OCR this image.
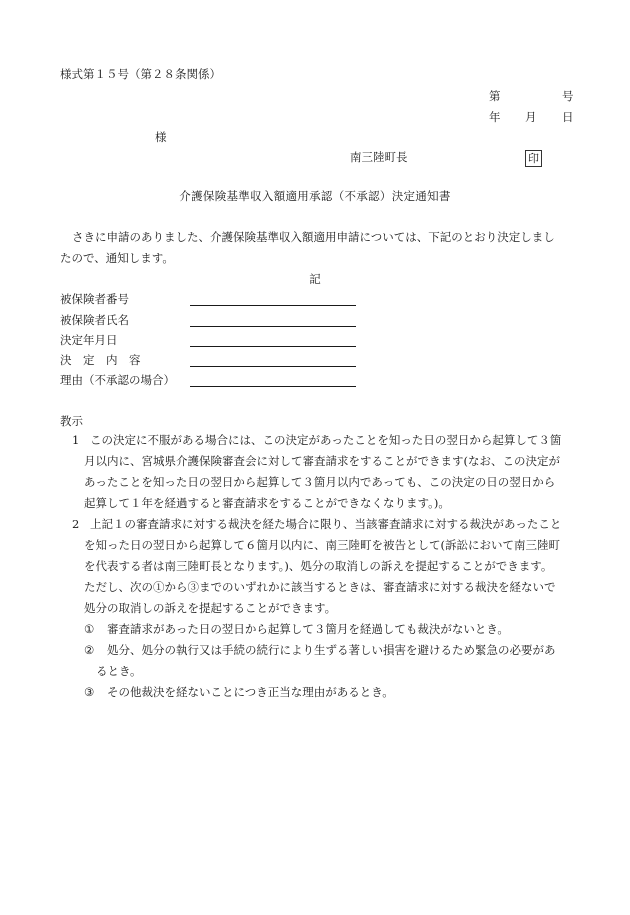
様式第１５号（第２８条関係）
第	号
年 月 日
様
南三陸町長	印
介護保険基準収入額適用承認（不承認）決定通知書
さきに申請のありました、介護保険基準収入額適用申請については、下記のとおり決定しまし
たので、通知します。
記
被保険者番号
被保険者氏名
決定年月日
決　定　内　容
理由（不承認の場合）
教示
1 この決定に不服がある場合には、この決定があったことを知った日の翌日から起算して３箇
月以内に、宮城県介護保険審査会に対して審査請求をすることができます(なお、この決定が
あったことを知った日の翌日から起算して３箇月以内であっても、この決定の日の翌日から
起算して１年を経過すると審査請求をすることができなくなります。)。
2 上記１の審査請求に対する裁決を経た場合に限り、当該審査請求に対する裁決があったこと
を知った日の翌日から起算して６箇月以内に、南三陸町を被告として(訴訟において南三陸町
を代表する者は南三陸町長となります。)、処分の取消しの訴えを提起することができます。
ただし、次の①から③までのいずれかに該当するときは、審査請求に対する裁決を経ないで
処分の取消しの訴えを提起することができます。
① 審査請求があった日の翌日から起算して３箇月を経過しても裁決がないとき。
② 処分、処分の執行又は手続の続行により生ずる著しい損害を避けるため緊急の必要があ
るとき。
③ その他裁決を経ないことにつき正当な理由があるとき。
